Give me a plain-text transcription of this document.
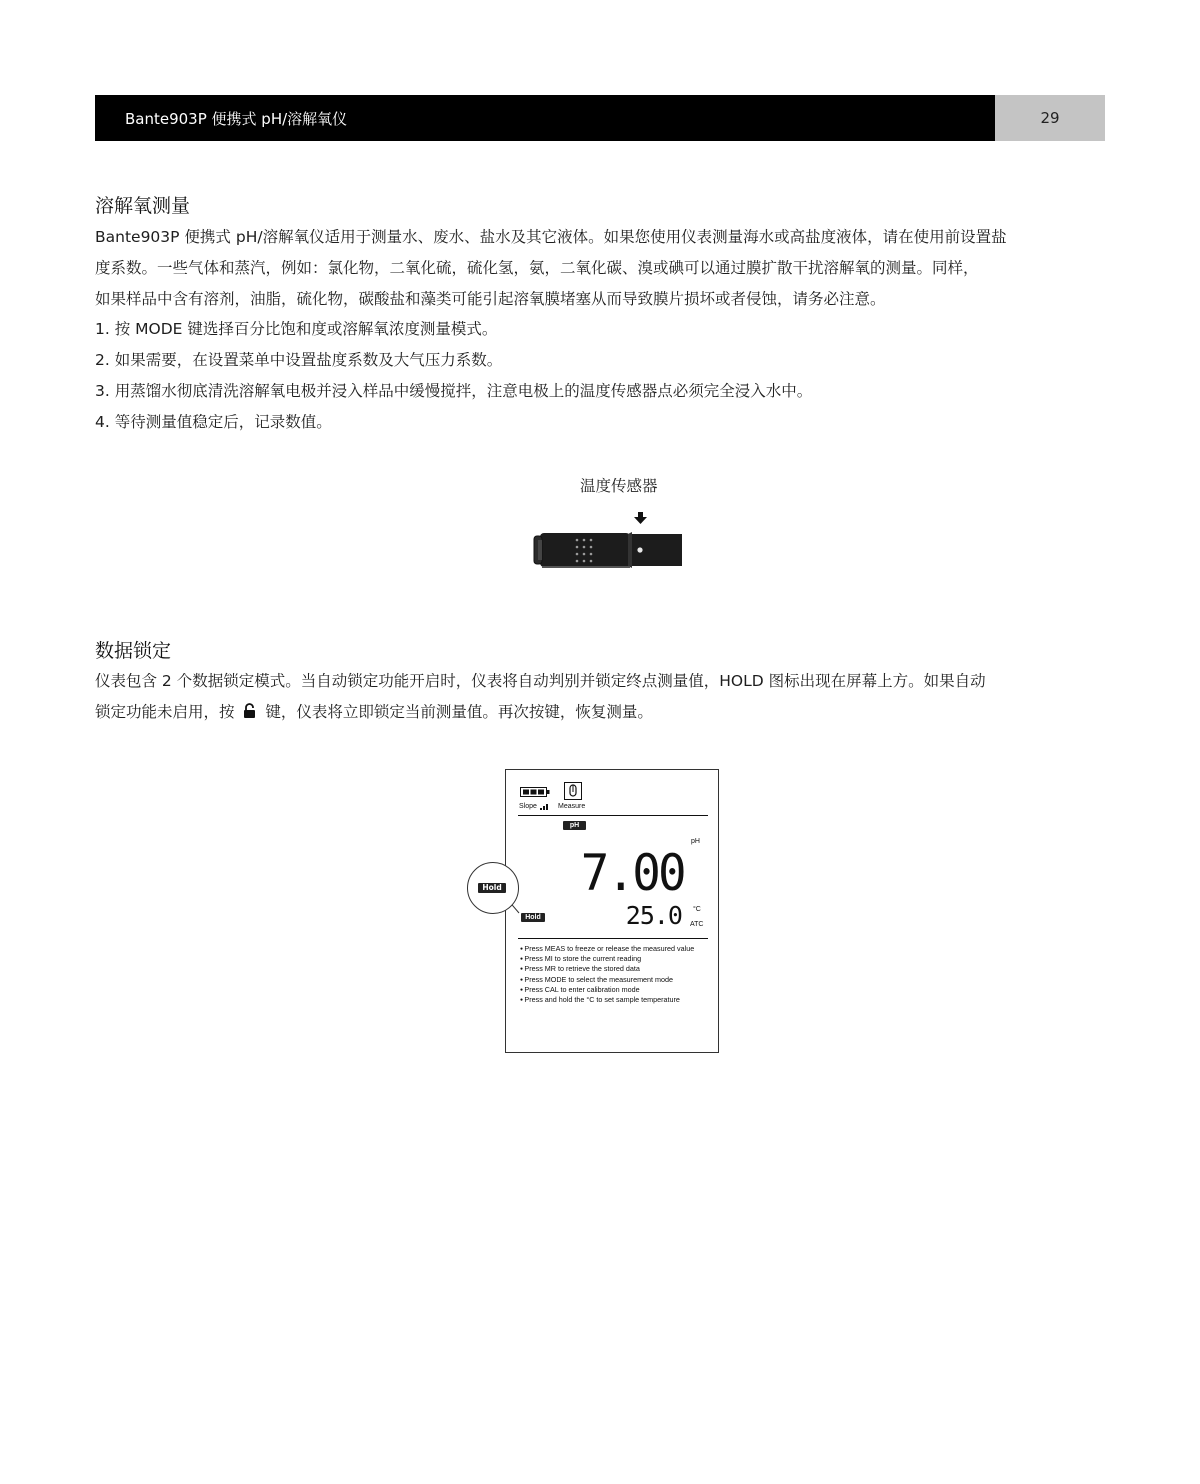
Bante903P 便携式 pH/溶解氧仪	29
溶解氧测量

Bante903P 便携式 pH/溶解氧仪适用于测量水、废水、盐水及其它液体。如果您使用仪表测量海水或高盐度液体，请在使用前设置盐
度系数。一些气体和蒸汽，例如：氯化物，二氧化硫，硫化氢，氨，二氧化碳、溴或碘可以通过膜扩散干扰溶解氧的测量。同样，
如果样品中含有溶剂，油脂，硫化物，碳酸盐和藻类可能引起溶氧膜堵塞从而导致膜片损坏或者侵蚀，请务必注意。

1. 按 MODE 键选择百分比饱和度或溶解氧浓度测量模式。
2. 如果需要，在设置菜单中设置盐度系数及大气压力系数。
3. 用蒸馏水彻底清洗溶解氧电极并浸入样品中缓慢搅拌，注意电极上的温度传感器点必须完全浸入水中。
4. 等待测量值稳定后，记录数值。
温度传感器
数据锁定

仪表包含 2 个数据锁定模式。当自动锁定功能开启时，仪表将自动判别并锁定终点测量值，HOLD 图标出现在屏幕上方。如果自动
锁定功能未启用，按 键，仪表将立即锁定当前测量值。再次按键，恢复测量。

Slope	Measure
pH
pH
7.00
Hold	25.0 °C
ATC
● Press MEAS to freeze or release the measured value
● Press MI to store the current reading
● Press MR to retrieve the stored data
● Press MODE to select the measurement mode
● Press CAL to enter calibration mode
● Press and hold the °C to set sample temperature
Hold
